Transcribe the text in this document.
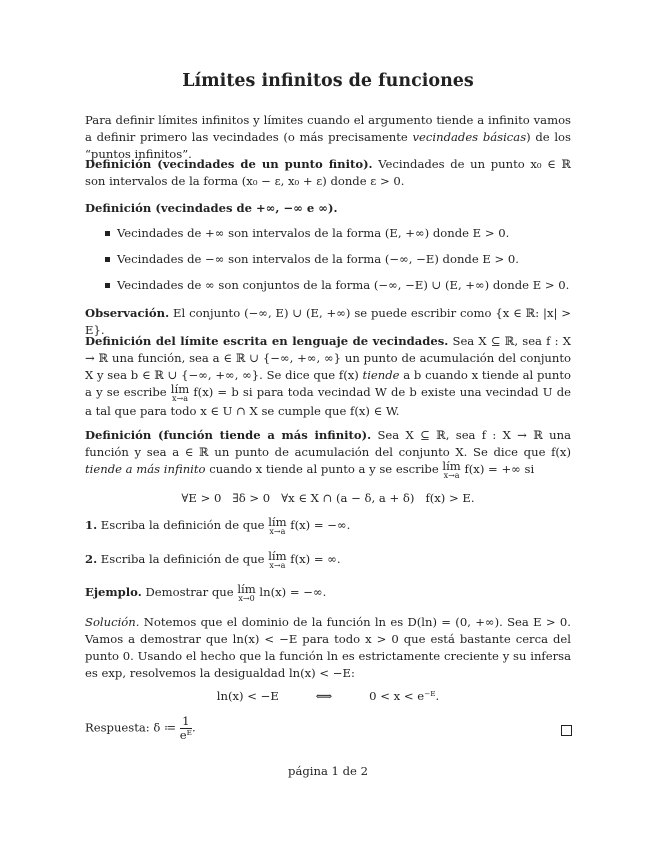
Límites infinitos de funciones

Para definir límites infinitos y límites cuando el argumento tiende a infinito vamos a definir primero las vecindades (o más precisamente vecindades básicas) de los “puntos infinitos”.

Definición (vecindades de un punto finito). Vecindades de un punto x₀ ∈ ℝ son intervalos de la forma (x₀ − ε, x₀ + ε) donde ε > 0.

Definición (vecindades de +∞, −∞ e ∞).

Vecindades de +∞ son intervalos de la forma (E, +∞) donde E > 0.
Vecindades de −∞ son intervalos de la forma (−∞, −E) donde E > 0.
Vecindades de ∞ son conjuntos de la forma (−∞, −E) ∪ (E, +∞) donde E > 0.

Observación. El conjunto (−∞, E) ∪ (E, +∞) se puede escribir como {x ∈ ℝ: |x| > E}.

Definición del límite escrita en lenguaje de vecindades. Sea X ⊆ ℝ, sea f : X → ℝ una función, sea a ∈ ℝ ∪ {−∞, +∞, ∞} un punto de acumulación del conjunto X y sea b ∈ ℝ ∪ {−∞, +∞, ∞}. Se dice que f(x) tiende a b cuando x tiende al punto a y se escribe lím
x→a f(x) = b si para toda vecindad W de b existe una vecindad U de a tal que para todo x ∈ U ∩ X se cumple que f(x) ∈ W.

Definición (función tiende a más infinito). Sea X ⊆ ℝ, sea f : X → ℝ una función y sea a ∈ ℝ un punto de acumulación del conjunto X. Se dice que f(x) tiende a más infinito cuando x tiende al punto a y se escribe lím
x→a f(x) = +∞ si

∀E > 0   ∃δ > 0   ∀x ∈ X ∩ (a − δ, a + δ)   f(x) > E.

1. Escriba la definición de que lím
x→a f(x) = −∞.

2. Escriba la definición de que lím
x→a f(x) = ∞.

Ejemplo. Demostrar que lím
x→0 ln(x) = −∞.

Solución. Notemos que el dominio de la función ln es D(ln) = (0, +∞). Sea E > 0. Vamos a demostrar que ln(x) < −E para todo x > 0 que está bastante cerca del punto 0. Usando el hecho que la función ln es estrictamente creciente y su infersa es exp, resolvemos la desigualdad ln(x) < −E:

ln(x) < −E          ⟺          0 < x < e⁻ᴱ.
Respuesta: δ ≔ $\frac{1}{\text{eᴱ}}$ .
página 1 de 2
